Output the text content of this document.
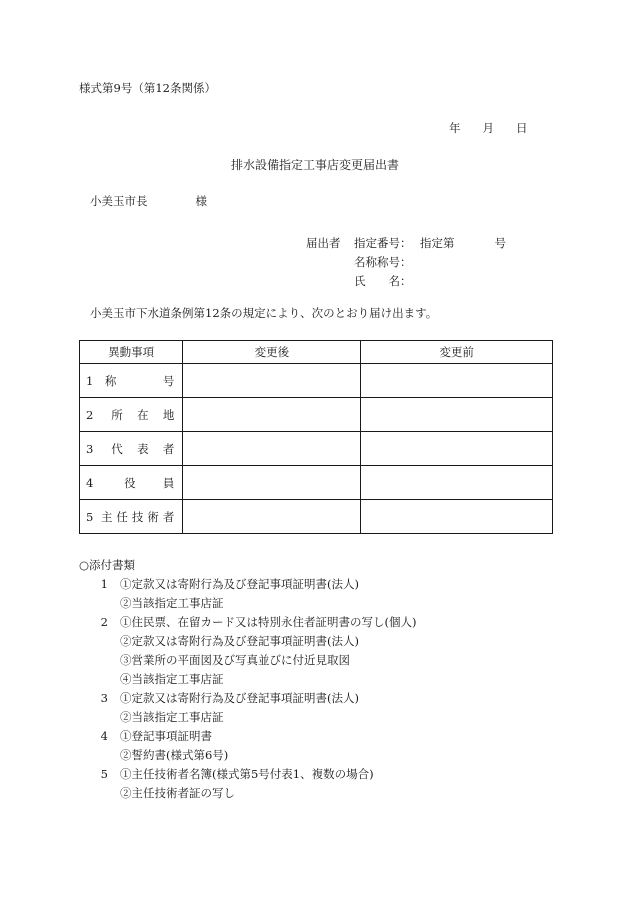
様式第9号（第12条関係）
年 月 日
排水設備指定工事店変更届出書
小美玉市長	様
届出者	指定番号： 指定第	号
名称称号：
氏　　名：
小美玉市下水道条例第12条の規定により、次のとおり届け出ます。
異動事項	変更後	変更前
1 称　　号		
2 所在地		
3 代表者		
4 役員		
5 主任技術者		
○添付書類
1	①定款又は寄附行為及び登記事項証明書(法人)
②当該指定工事店証
2	①住民票、在留カード又は特別永住者証明書の写し(個人)
②定款又は寄附行為及び登記事項証明書(法人)
③営業所の平面図及び写真並びに付近見取図
④当該指定工事店証
3	①定款又は寄附行為及び登記事項証明書(法人)
②当該指定工事店証
4	①登記事項証明書
②誓約書(様式第6号)
5	①主任技術者名簿(様式第5号付表1、複数の場合)
②主任技術者証の写し
